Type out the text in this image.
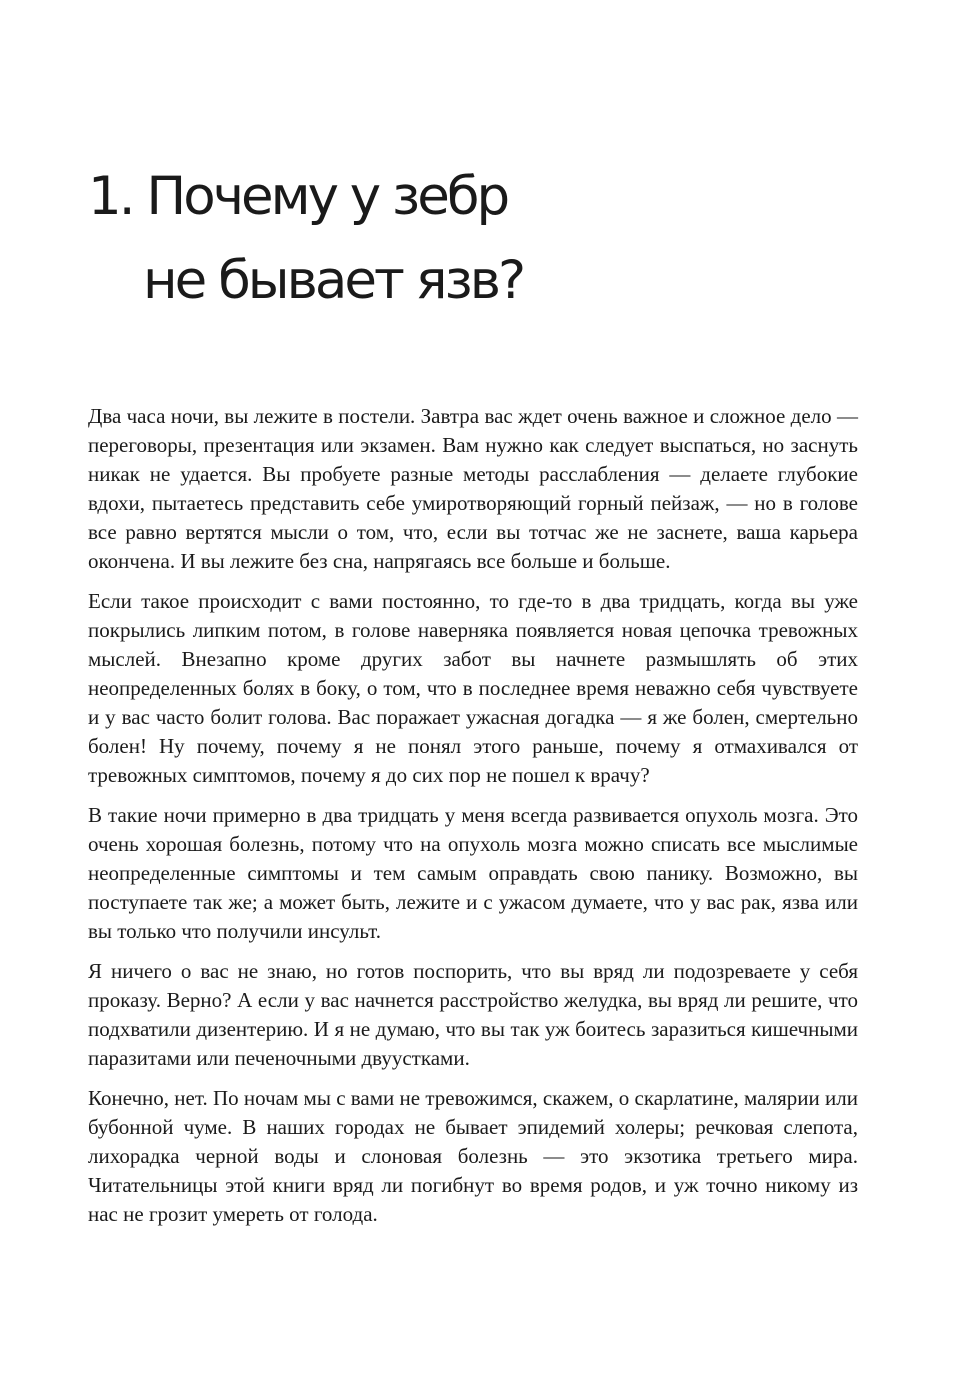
1. Почему у зебр
не бывает язв?

Два часа ночи, вы лежите в постели. Завтра вас ждет очень важное и сложное дело — переговоры, презентация или экзамен. Вам нужно как следует выспаться, но заснуть никак не удается. Вы пробуете разные методы расслабления — делаете глубокие вдохи, пытаетесь представить себе умиротворяющий горный пейзаж, — но в голове все равно вертятся мысли о том, что, если вы тотчас же не заснете, ваша карьера окончена. И вы лежите без сна, напрягаясь все больше и больше.

Если такое происходит с вами постоянно, то где-то в два тридцать, когда вы уже покрылись липким потом, в голове наверняка появляется новая цепочка тревожных мыслей. Внезапно кроме других забот вы начнете размышлять об этих неопределенных болях в боку, о том, что в последнее время неважно себя чувствуете и у вас часто болит голова. Вас поражает ужасная догадка — я же болен, смертельно болен! Ну почему, почему я не понял этого раньше, почему я отмахивался от тревожных симптомов, почему я до сих пор не пошел к врачу?

В такие ночи примерно в два тридцать у меня всегда развивается опухоль мозга. Это очень хорошая болезнь, потому что на опухоль мозга можно списать все мыслимые неопределенные симптомы и тем самым оправдать свою панику. Возможно, вы поступаете так же; а может быть, лежите и с ужасом думаете, что у вас рак, язва или вы только что получили инсульт.

Я ничего о вас не знаю, но готов поспорить, что вы вряд ли подозреваете у себя проказу. Верно? А если у вас начнется расстройство желудка, вы вряд ли решите, что подхватили дизентерию. И я не думаю, что вы так уж боитесь заразиться кишечными паразитами или печеночными двуустками.

Конечно, нет. По ночам мы с вами не тревожимся, скажем, о скарлатине, малярии или бубонной чуме. В наших городах не бывает эпидемий холеры; речковая слепота, лихорадка черной воды и слоновая болезнь — это экзотика третьего мира. Читательницы этой книги вряд ли погибнут во время родов, и уж точно никому из нас не грозит умереть от голода.
